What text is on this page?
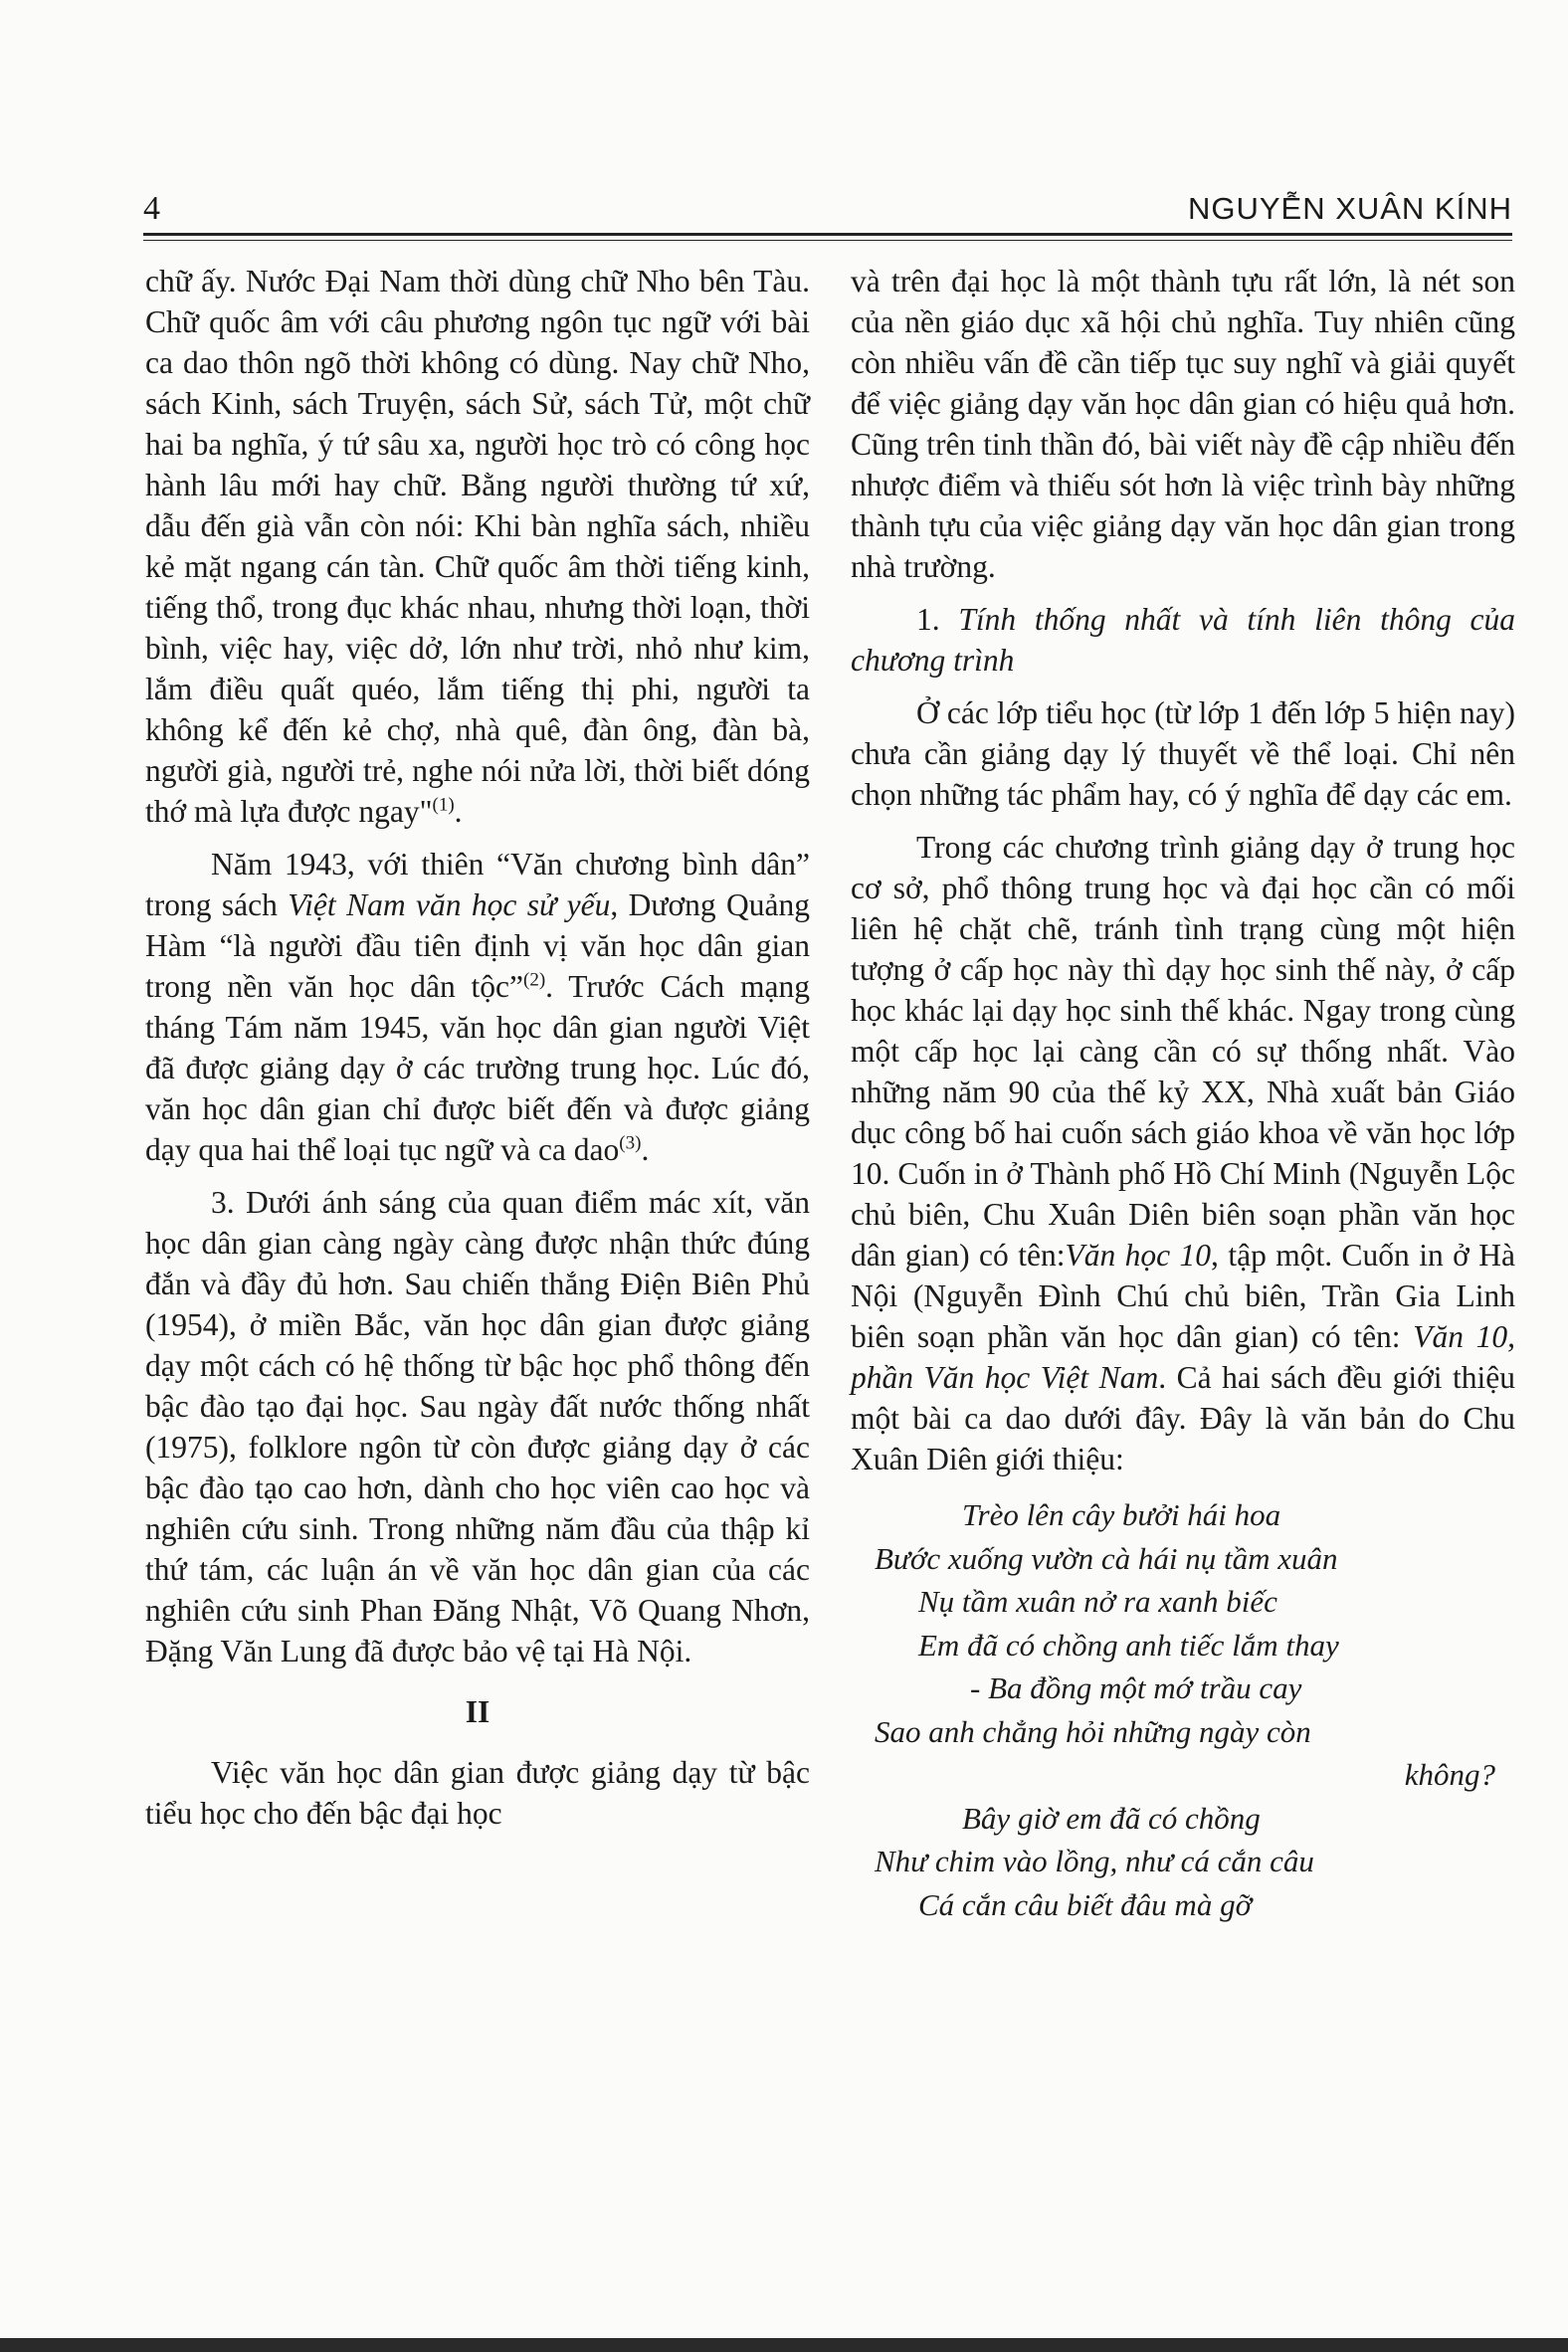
4	NGUYỄN XUÂN KÍNH

chữ ấy. Nước Đại Nam thời dùng chữ Nho bên Tàu. Chữ quốc âm với câu phương ngôn tục ngữ với bài ca dao thôn ngõ thời không có dùng. Nay chữ Nho, sách Kinh, sách Truyện, sách Sử, sách Tử, một chữ hai ba nghĩa, ý tứ sâu xa, người học trò có công học hành lâu mới hay chữ. Bằng người thường tứ xứ, dẫu đến già vẫn còn nói: Khi bàn nghĩa sách, nhiều kẻ mặt ngang cán tàn. Chữ quốc âm thời tiếng kinh, tiếng thổ, trong đục khác nhau, nhưng thời loạn, thời bình, việc hay, việc dở, lớn như trời, nhỏ như kim, lắm điều quất quéo, lắm tiếng thị phi, người ta không kể đến kẻ chợ, nhà quê, đàn ông, đàn bà, người già, người trẻ, nghe nói nửa lời, thời biết dóng thớ mà lựa được ngay"$^{(1)}$.

Năm 1943, với thiên “Văn chương bình dân” trong sách Việt Nam văn học sử yếu, Dương Quảng Hàm “là người đầu tiên định vị văn học dân gian trong nền văn học dân tộc”$^{(2)}$. Trước Cách mạng tháng Tám năm 1945, văn học dân gian người Việt đã được giảng dạy ở các trường trung học. Lúc đó, văn học dân gian chỉ được biết đến và được giảng dạy qua hai thể loại tục ngữ và ca dao$^{(3)}$.

3. Dưới ánh sáng của quan điểm mác xít, văn học dân gian càng ngày càng được nhận thức đúng đắn và đầy đủ hơn. Sau chiến thắng Điện Biên Phủ (1954), ở miền Bắc, văn học dân gian được giảng dạy một cách có hệ thống từ bậc học phổ thông đến bậc đào tạo đại học. Sau ngày đất nước thống nhất (1975), folklore ngôn từ còn được giảng dạy ở các bậc đào tạo cao hơn, dành cho học viên cao học và nghiên cứu sinh. Trong những năm đầu của thập kỉ thứ tám, các luận án về văn học dân gian của các nghiên cứu sinh Phan Đăng Nhật, Võ Quang Nhơn, Đặng Văn Lung đã được bảo vệ tại Hà Nội.

II

Việc văn học dân gian được giảng dạy từ bậc tiểu học cho đến bậc đại học

và trên đại học là một thành tựu rất lớn, là nét son của nền giáo dục xã hội chủ nghĩa. Tuy nhiên cũng còn nhiều vấn đề cần tiếp tục suy nghĩ và giải quyết để việc giảng dạy văn học dân gian có hiệu quả hơn. Cũng trên tinh thần đó, bài viết này đề cập nhiều đến nhược điểm và thiếu sót hơn là việc trình bày những thành tựu của việc giảng dạy văn học dân gian trong nhà trường.

1. Tính thống nhất và tính liên thông của chương trình

Ở các lớp tiểu học (từ lớp 1 đến lớp 5 hiện nay) chưa cần giảng dạy lý thuyết về thể loại. Chỉ nên chọn những tác phẩm hay, có ý nghĩa để dạy các em.

Trong các chương trình giảng dạy ở trung học cơ sở, phổ thông trung học và đại học cần có mối liên hệ chặt chẽ, tránh tình trạng cùng một hiện tượng ở cấp học này thì dạy học sinh thế này, ở cấp học khác lại dạy học sinh thế khác. Ngay trong cùng một cấp học lại càng cần có sự thống nhất. Vào những năm 90 của thế kỷ XX, Nhà xuất bản Giáo dục công bố hai cuốn sách giáo khoa về văn học lớp 10. Cuốn in ở Thành phố Hồ Chí Minh (Nguyễn Lộc chủ biên, Chu Xuân Diên biên soạn phần văn học dân gian) có tên:Văn học 10, tập một. Cuốn in ở Hà Nội (Nguyễn Đình Chú chủ biên, Trần Gia Linh biên soạn phần văn học dân gian) có tên: Văn 10, phần Văn học Việt Nam. Cả hai sách đều giới thiệu một bài ca dao dưới đây. Đây là văn bản do Chu Xuân Diên giới thiệu:

Trèo lên cây bưởi hái hoa
Bước xuống vườn cà hái nụ tầm xuân
Nụ tầm xuân nở ra xanh biếc
Em đã có chồng anh tiếc lắm thay
- Ba đồng một mớ trầu cay
Sao anh chẳng hỏi những ngày còn
không?
Bây giờ em đã có chồng
Như chim vào lồng, như cá cắn câu
Cá cắn câu biết đâu mà gỡ
